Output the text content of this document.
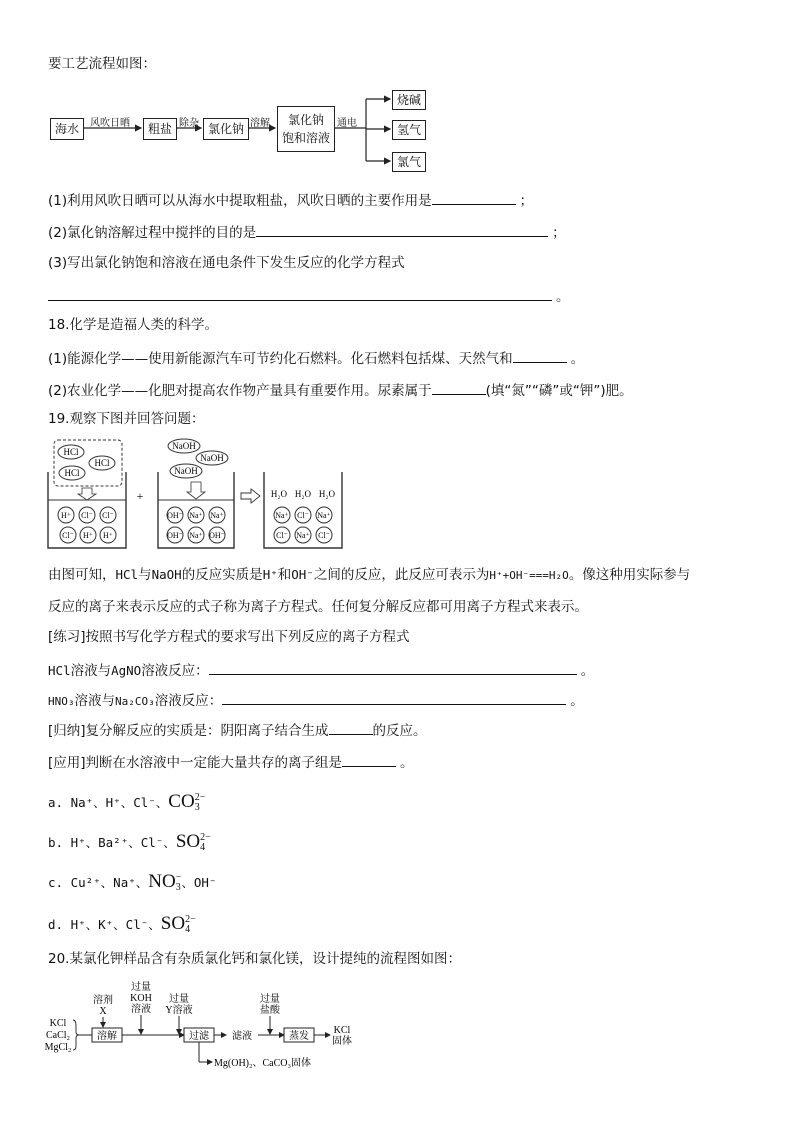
要工艺流程如图：
海水	风吹日晒	粗盐 除杂 氯化钠 溶解 氯化钠
饱和溶液
通电
烧碱
氢气
氯气
(1)利用风吹日晒可以从海水中提取粗盐，风吹日晒的主要作用是	；
(2)氯化钠溶解过程中搅拌的目的是	；
(3)写出氯化钠饱和溶液在通电条件下发生反应的化学方程式
。
18.化学是造福人类的科学。
(1)能源化学——使用新能源汽车可节约化石燃料。化石燃料包括煤、天然气和	。
(2)农业化学——化肥对提高农作物产量具有重要作用。尿素属于	(填“氮”“磷”或“钾”)肥。
19.观察下图并回答问题：
HCl
HCl
HCl
H⁺ Cl⁻ Cl⁻
Cl⁻ H⁺ H⁺
+
NaOH
NaOH
NaOH
OH⁻ Na⁺ Na⁺
OH⁻ Na⁺ OH⁻
H₂O H₂O H₂O
Na⁺ Cl⁻ Na⁺
Cl⁻ Na⁺ Cl⁻
由图可知，HCl与NaOH的反应实质是H⁺和OH⁻之间的反应，此反应可表示为H⁺+OH⁻===H₂O。像这种用实际参与
反应的离子来表示反应的式子称为离子方程式。任何复分解反应都可用离子方程式来表示。
[练习]按照书写化学方程式的要求写出下列反应的离子方程式
HCl溶液与AgNO溶液反应：	。
HNO₃溶液与Na₂CO₃溶液反应：	。
[归纳]复分解反应的实质是：阴阳离子结合生成	的反应。
[应用]判断在水溶液中一定能大量共存的离子组是	。
a. Na⁺、H⁺、Cl⁻、CO 2−
3
b. H⁺、Ba²⁺、Cl⁻、SO 2−
4
c. Cu²⁺、Na⁺、NO −
3 、OH⁻
d. H⁺、K⁺、Cl⁻、SO 2−
4
20.某氯化钾样品含有杂质氯化钙和氯化镁，设计提纯的流程图如图：
KCl
CaCl₂
MgCl₂
溶剂
X
溶解
过量
KOH
溶液
过量
Y溶液
过滤 滤液
过量
盐酸
蒸发
KCl
固体
Mg(OH)₂、CaCO₃固体
